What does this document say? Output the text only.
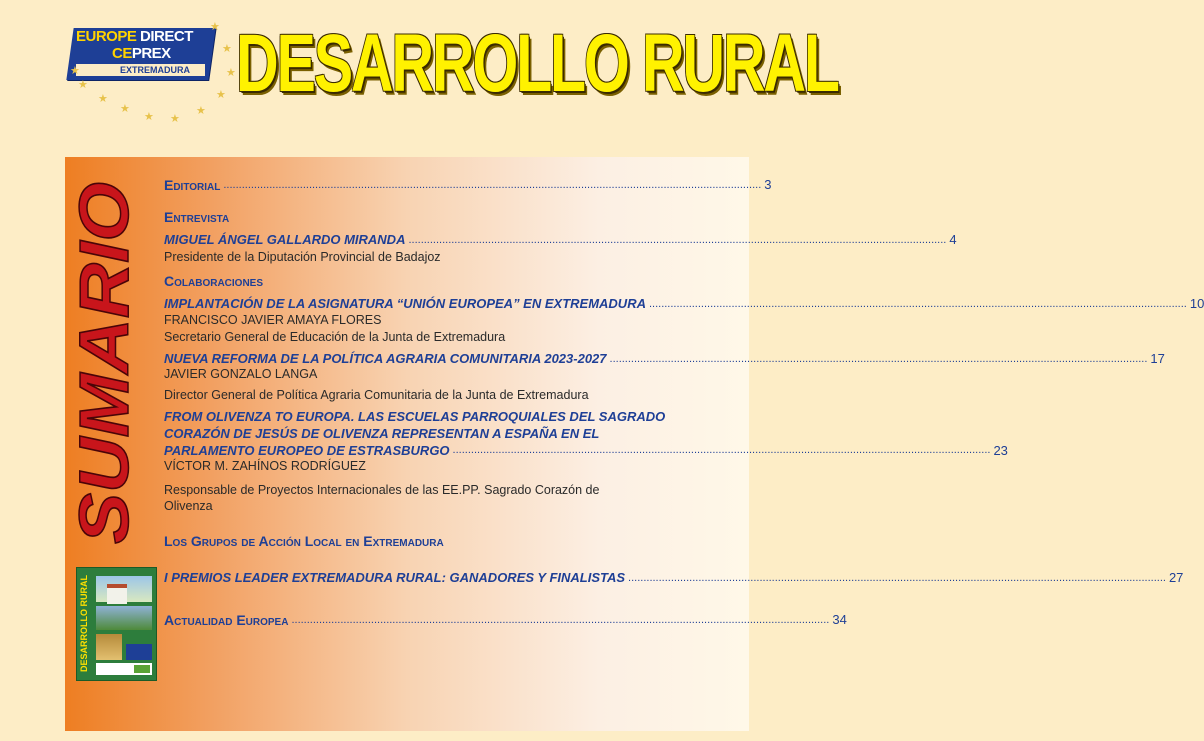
EUROPE DIRECT
CEPREX
EXTREMADURA
★
★
★
★
★
★
★
★
★
★
★ DESARROLLO RURAL
SUMARIO
DESARROLLO RURAL
Editorial .....	3
Entrevista
MIGUEL ÁNGEL GALLARDO MIRANDA .....	4
Presidente de la Diputación Provincial de Badajoz
Colaboraciones
IMPLANTACIÓN DE LA ASIGNATURA “UNIÓN EUROPEA” EN EXTREMADURA .....	10
FRANCISCO JAVIER AMAYA FLORES
Secretario General de Educación de la Junta de Extremadura
NUEVA REFORMA DE LA POLÍTICA AGRARIA COMUNITARIA 2023-2027 .....	17
JAVIER GONZALO LANGA
Director General de Política Agraria Comunitaria de la Junta de Extremadura
FROM OLIVENZA TO EUROPA. LAS ESCUELAS PARROQUIALES DEL SAGRADO
CORAZÓN DE JESÚS DE OLIVENZA REPRESENTAN A ESPAÑA EN EL
PARLAMENTO EUROPEO DE ESTRASBURGO .....	23
VÍCTOR M. ZAHÍNOS RODRÍGUEZ
Responsable de Proyectos Internacionales de las EE.PP. Sagrado Corazón de Olivenza
Los Grupos de Acción Local en Extremadura
I PREMIOS LEADER EXTREMADURA RURAL: GANADORES Y FINALISTAS .....	27
Actualidad Europea .....	34
